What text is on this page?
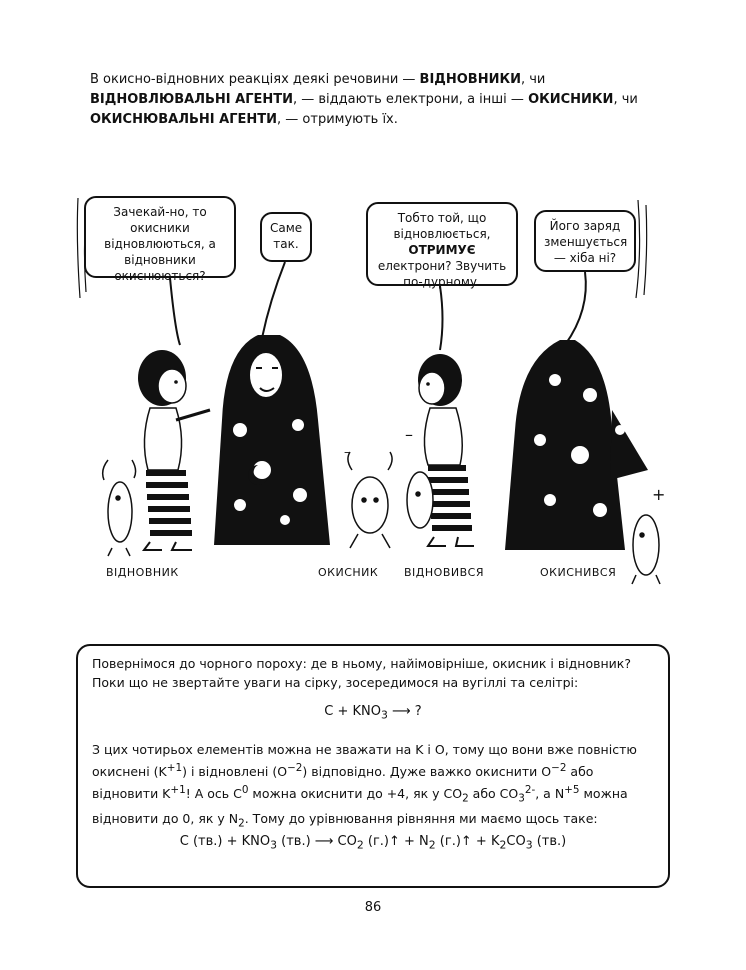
В окисно-відновних реакціях деякі речовини — ВІДНОВНИКИ, чи ВІДНОВЛЮВАЛЬНІ АГЕНТИ, — віддають електрони, а інші — ОКИСНИКИ, чи ОКИСНЮВАЛЬНІ АГЕНТИ, — отримують їх.
–
+
–
Зачекай-но, то окисники відновлюються, а відновники окиснюються?
Саме так.
Тобто той, що відновлюється, ОТРИМУЄ електрони? Звучить по-дурному.
Його заряд зменшується — хіба ні?
ВІДНОВНИК	ОКИСНИК ВІДНОВИВСЯ	ОКИСНИВСЯ
Повернімося до чорного пороху: де в ньому, найімовірніше, окисник і відновник? Поки що не звертайте уваги на сірку, зосередимося на вугіллі та селітрі:
$C + KNO_3$ ⟶ ?
З цих чотирьох елементів можна не зважати на K і O, тому що вони вже повністю окиснені $(K^{+1})$ і відновлені $(O^{-2})$ відповідно. Дуже важко окиснити $O^{-2}$ або відновити $K^{+1}$! А ось $C^0$ можна окиснити до +4, як у $CO_2$ або $CO_3^{2-}$, а $N^{+5}$ можна відновити до 0, як у $N_2$. Тому до урівнювання рівняння ми маємо щось таке:
C $(тв.) + KNO_3$ (тв.) ⟶ $CO_2$ (г.)↑ + $N_2$ (г.)↑ + $K_2CO_3$ (тв.)
86
